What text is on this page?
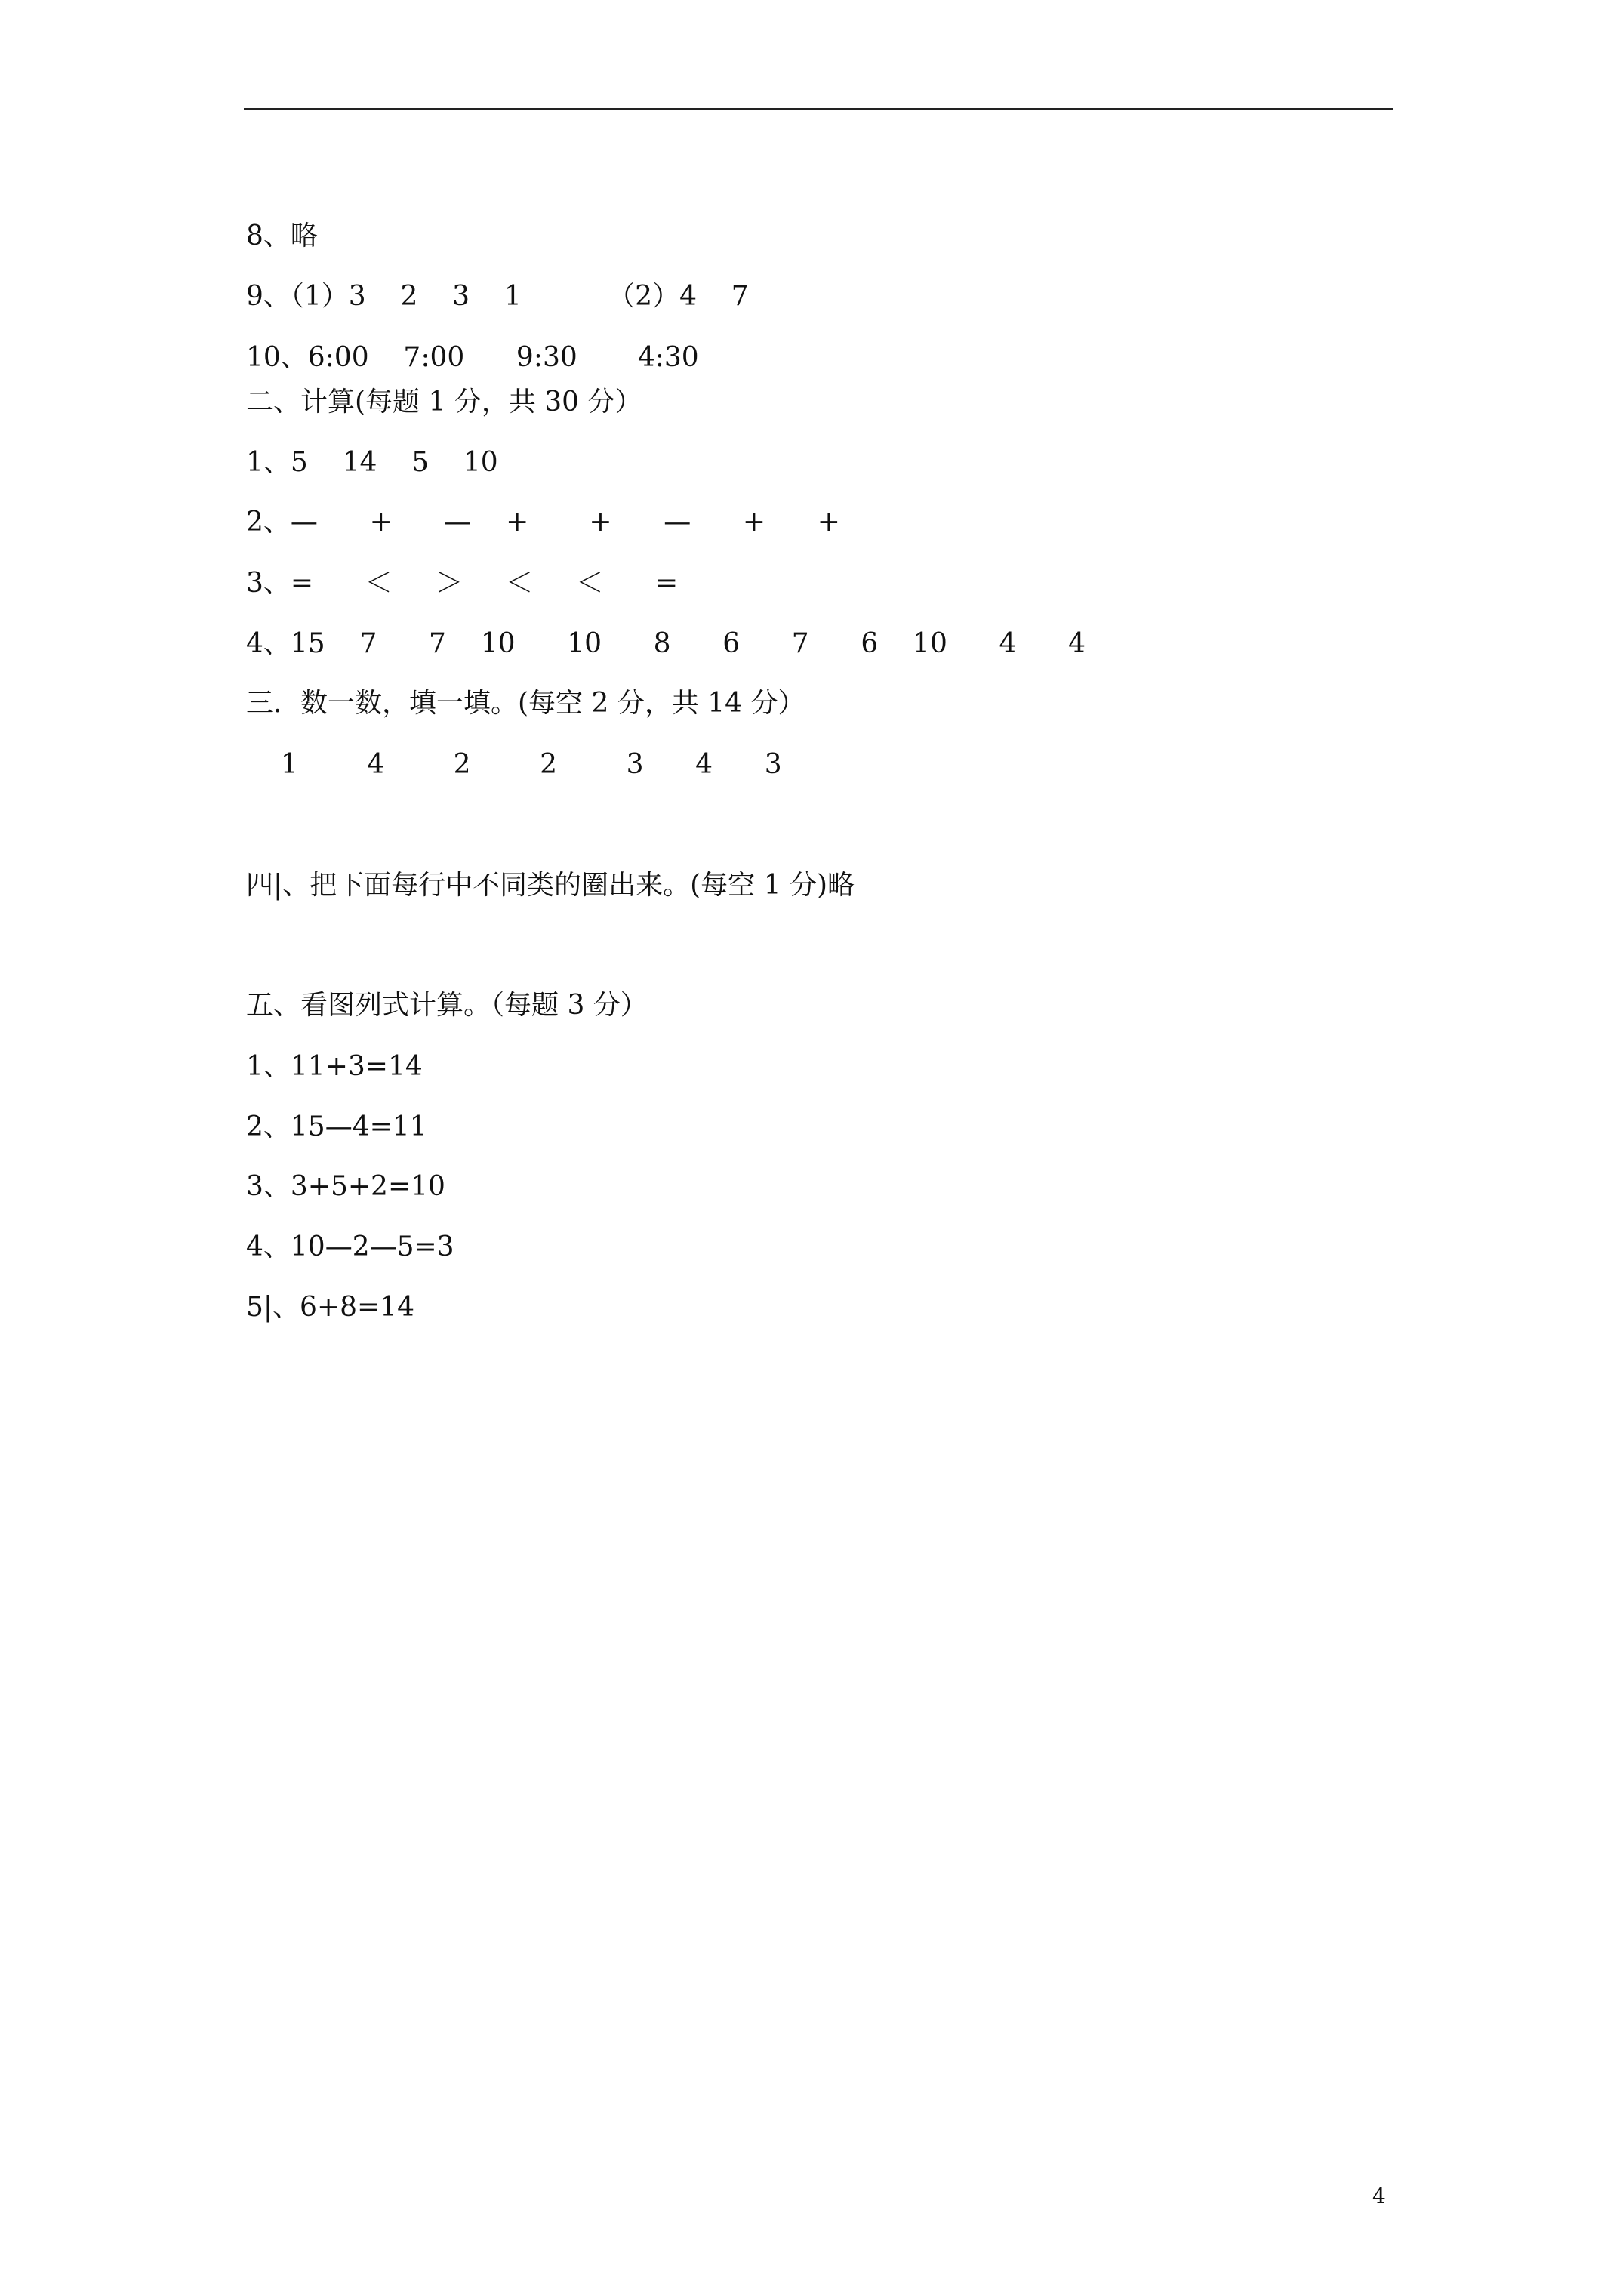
8、略
9、（1）3    2    3    1          （2）4    7
10、6:00    7:00      9:30       4:30
二、计算(每题 1 分，共 30 分）
1、5    14    5    10
2、—      +      —    +       +      —      +      +
3、=      ＜     ＞     ＜     ＜      =
4、15    7      7    10      10      8      6      7      6    10      4      4
三．数一数，填一填。(每空 2 分，共 14 分）
1        4        2        2        3      4      3
四|、把下面每行中不同类的圈出来。(每空 1 分)略
五、看图列式计算。（每题 3 分）
1、11+3=14
2、15—4=11
3、3+5+2=10
4、10—2—5=3
5|、6+8=14
4
